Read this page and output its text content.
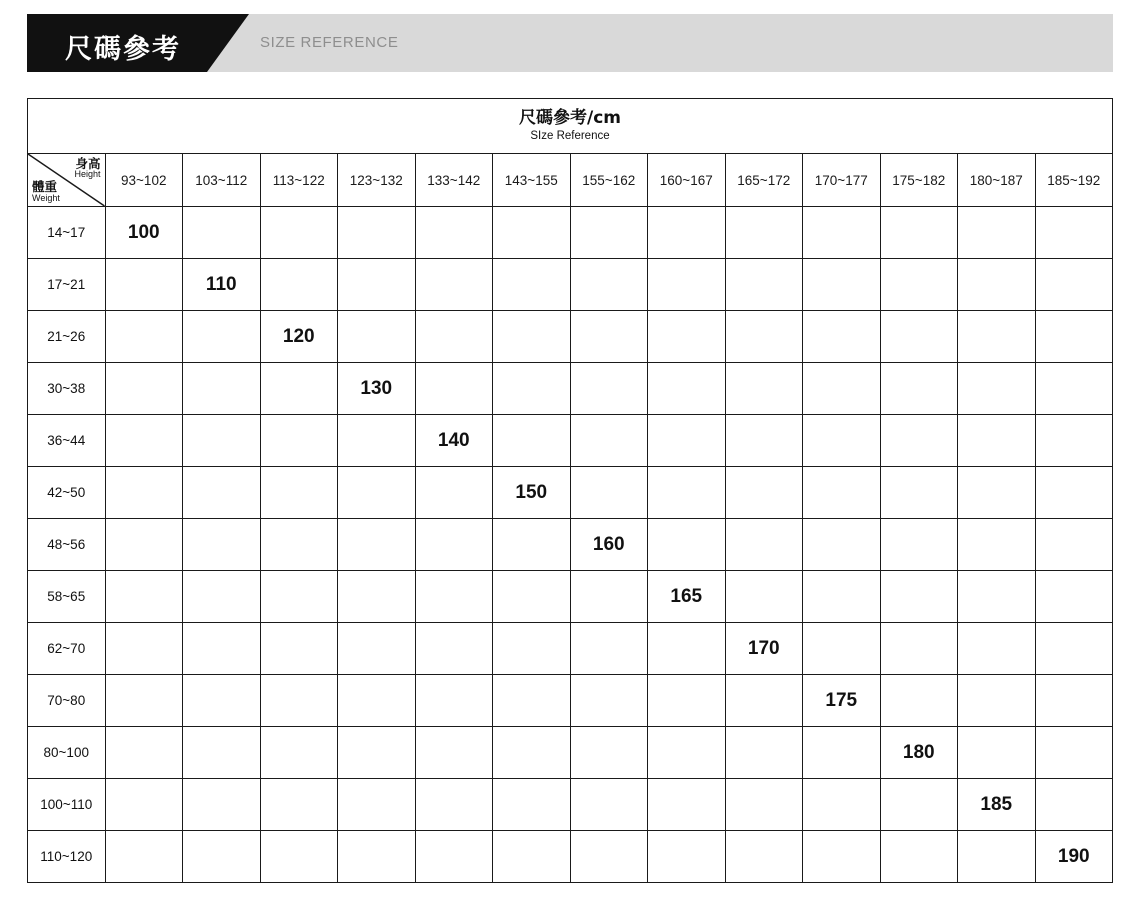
尺碼參考	SIZE REFERENCE
尺碼參考/cm
SIze Reference													

身高
Height
體重
Weight	93~102	103~112	113~122	123~132	133~142	143~155	155~162	160~167	165~172	170~177	175~182	180~187	185~192
14~17	100												
17~21		110											
21~26			120										
30~38				130									
36~44					140								
42~50						150							
48~56							160						
58~65								165					
62~70									170				
70~80										175			
80~100											180		
100~110												185	
110~120													190
